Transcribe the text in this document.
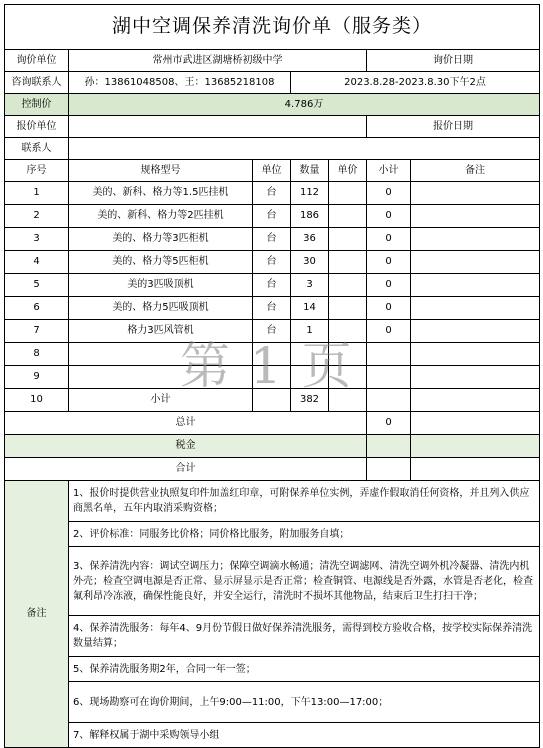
湖中空调保养清洗询价单（服务类）						
询价单位	常州市武进区湖塘桥初级中学				询价日期	
咨询联系人	孙：13861048508、王：13685218108		2023.8.28-2023.8.30下午2点			
控制价	4.786万					
报价单位					报价日期	
联系人						
序号	规格型号	单位	数量	单价	小计	备注
1	美的、新科、格力等1.5匹挂机	台	112		0	
2	美的、新科、格力等2匹挂机	台	186		0	
3	美的、格力等3匹柜机	台	36		0	
4	美的、格力等5匹柜机	台	30		0	
5	美的3匹吸顶机	台	3		0	
6	美的、格力5匹吸顶机	台	14		0	
7	格力3匹风管机	台	1		0	
8						
9						
10	小计		382			
总计					0	
税金						
合计						
备注	1、报价时提供营业执照复印件加盖红印章，可附保养单位实例，弄虚作假取消任何资格，并且列入供应商黑名单，五年内取消采购资格；					
	2、评价标准：同服务比价格；同价格比服务，附加服务自填；					
	3、保养清洗内容：调试空调压力；保障空调滴水畅通；清洗空调滤网、清洗空调外机冷凝器、清洗内机外壳；检查空调电源是否正常、显示屏显示是否正常；检查铜管、电源线是否外露，水管是否老化，检查氟利昂冷冻液，确保性能良好，并安全运行，清洗时不损坏其他物品，结束后卫生打扫干净；					
	4、保养清洗服务：每年4、9月份节假日做好保养清洗服务，需得到校方验收合格，按学校实际保养清洗数量结算；					
	5、保养清洗服务期2年，合同一年一签；					
	6、现场勘察可在询价期间，上午9:00—11:00，下午13:00—17:00；					
	7、解释权属于湖中采购领导小组					
第 1 页
